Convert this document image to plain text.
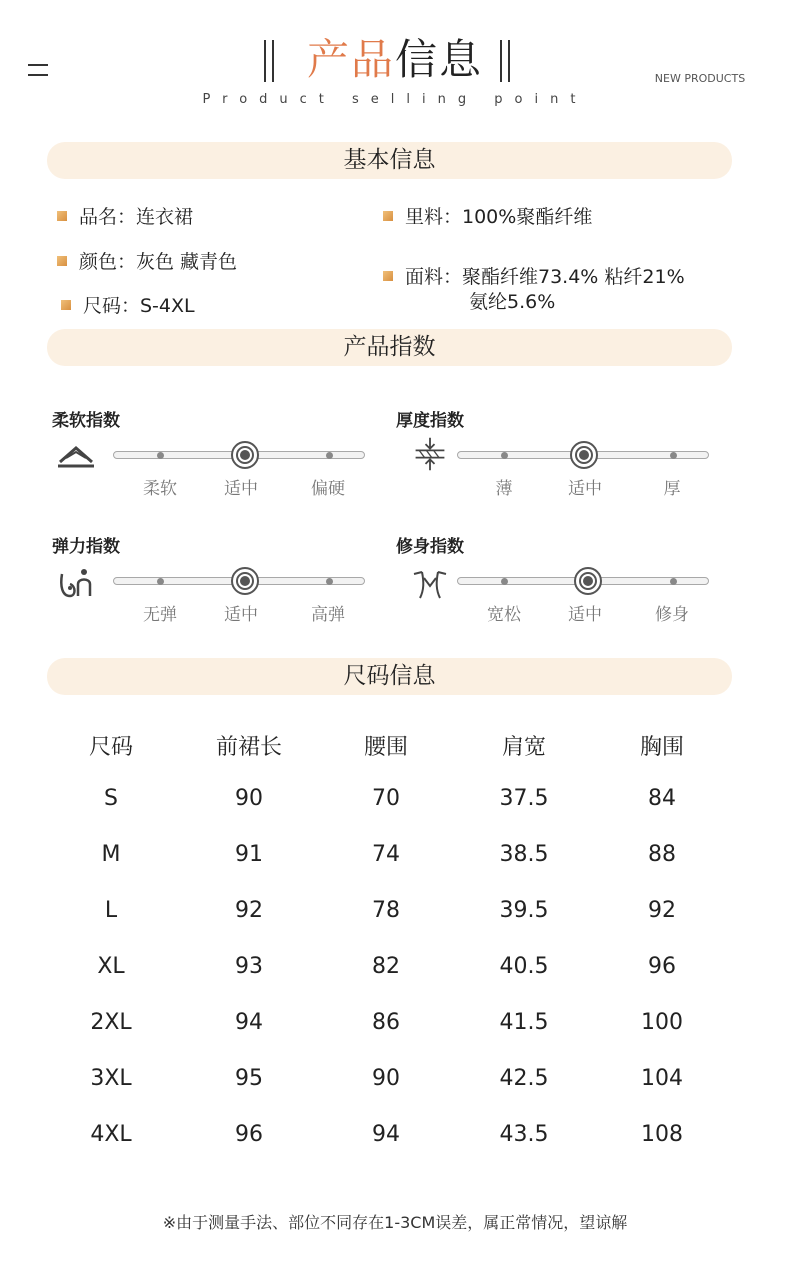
产品信息
Product selling point
NEW PRODUCTS
基本信息
品名：连衣裙
颜色：灰色 藏青色
尺码：S-4XL
里料：100%聚酯纤维
面料：聚酯纤维73.4% 粘纤21%
氨纶5.6%
产品指数
柔软指数
柔软	适中	偏硬
厚度指数
薄	适中	厚
弹力指数
无弹	适中	高弹
修身指数
宽松	适中	修身
尺码信息
尺码	前裙长	腰围	肩宽	胸围
S	90	70	37.5	84
M	91	74	38.5	88
L	92	78	39.5	92
XL	93	82	40.5	96
2XL	94	86	41.5	100
3XL	95	90	42.5	104
4XL	96	94	43.5	108
※由于测量手法、部位不同存在1-3CM误差，属正常情况，望谅解
